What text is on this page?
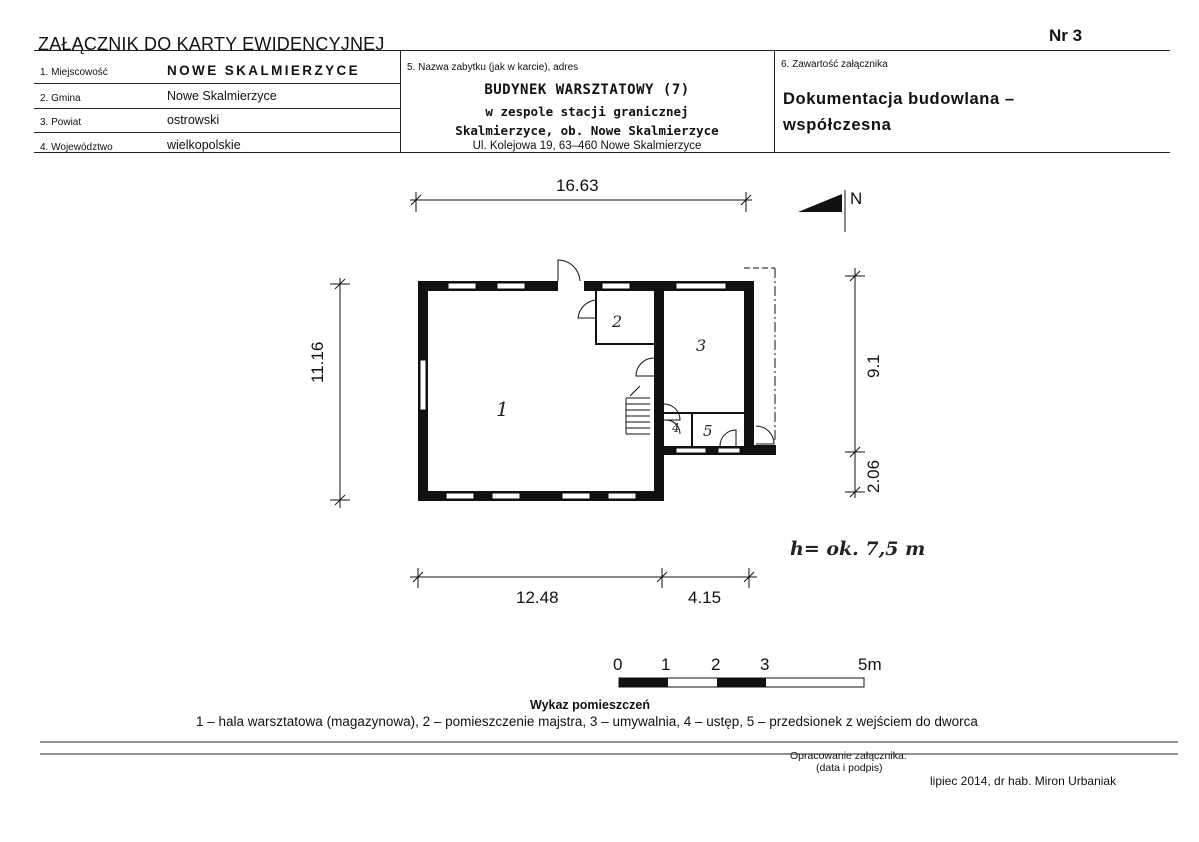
ZAŁĄCZNIK DO KARTY EWIDENCYJNEJ	Nr 3
1. Miejscowość	NOWE SKALMIERZYCE
2. Gmina	Nowe Skalmierzyce
3. Powiat	ostrowski
4. Województwo	wielkopolskie
5. Nazwa zabytku (jak w karcie), adres
BUDYNEK WARSZTATOWY (7)
w zespole stacji granicznej
Skalmierzyce, ob. Nowe Skalmierzyce
Ul. Kolejowa 19, 63–460 Nowe Skalmierzyce
6. Zawartość załącznika
Dokumentacja budowlana –
współczesna
16.63
11.16	9.1
2.06
12.48	4.15
N
1
2
3
4 5
h= ok. 7,5 m
0 1 2 3	5m
Wykaz pomieszczeń
1 – hala warsztatowa (magazynowa), 2 – pomieszczenie majstra, 3 – umywalnia, 4 – ustęp, 5 – przedsionek z wejściem do dworca
Opracowanie załącznika:
(data i podpis)
lipiec 2014, dr hab. Miron Urbaniak
